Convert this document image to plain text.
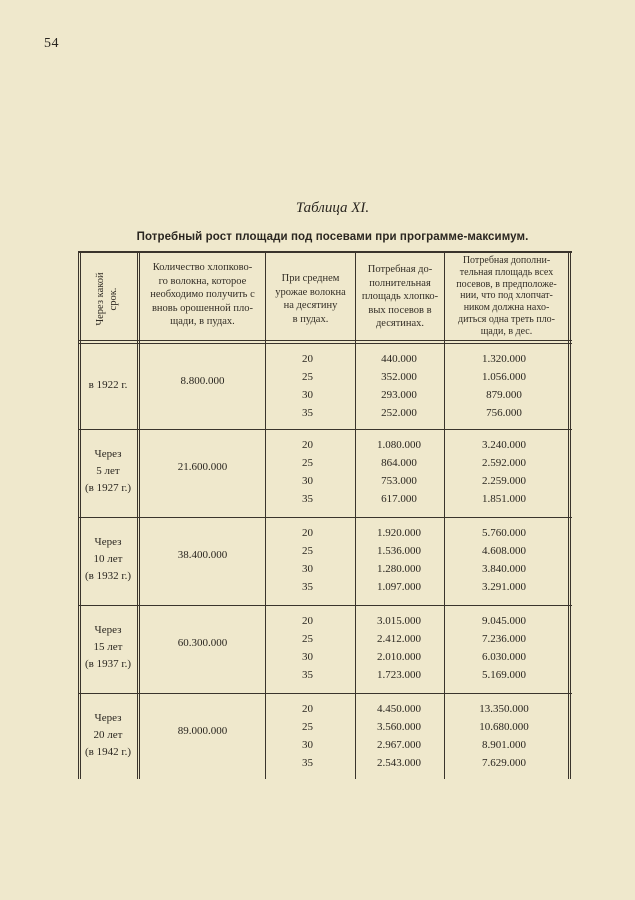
54
Таблица XI.
Потребный рост площади под посевами при программе-максимум.
Через какой срок.
Количество хлопково-
го волокна, которое
необходимо получить с
вновь орошенной пло-
щади, в пудах.
При среднем
урожае волокна
на десятину
в пудах.
Потребная до-
полнительная
площадь хлопко-
вых посевов в
десятинах.
Потребная дополни-
тельная площадь всех
посевов, в предположе-
нии, что под хлопчат-
ником должна нахо-
диться одна треть пло-
щади, в дес.
в 1922 г.	8.800.000
20
25
30
35
440.000
352.000
293.000
252.000
1.320.000
1.056.000
879.000
756.000
Через
5 лет
(в 1927 г.)
21.600.000
20
25
30
35
1.080.000
864.000
753.000
617.000
3.240.000
2.592.000
2.259.000
1.851.000
Через
10 лет
(в 1932 г.)
38.400.000
20
25
30
35
1.920.000
1.536.000
1.280.000
1.097.000
5.760.000
4.608.000
3.840.000
3.291.000
Через
15 лет
(в 1937 г.)
60.300.000
20
25
30
35
3.015.000
2.412.000
2.010.000
1.723.000
9.045.000
7.236.000
6.030.000
5.169.000
Через
20 лет
(в 1942 г.)
89.000.000
20
25
30
35
4.450.000
3.560.000
2.967.000
2.543.000
13.350.000
10.680.000
8.901.000
7.629.000
